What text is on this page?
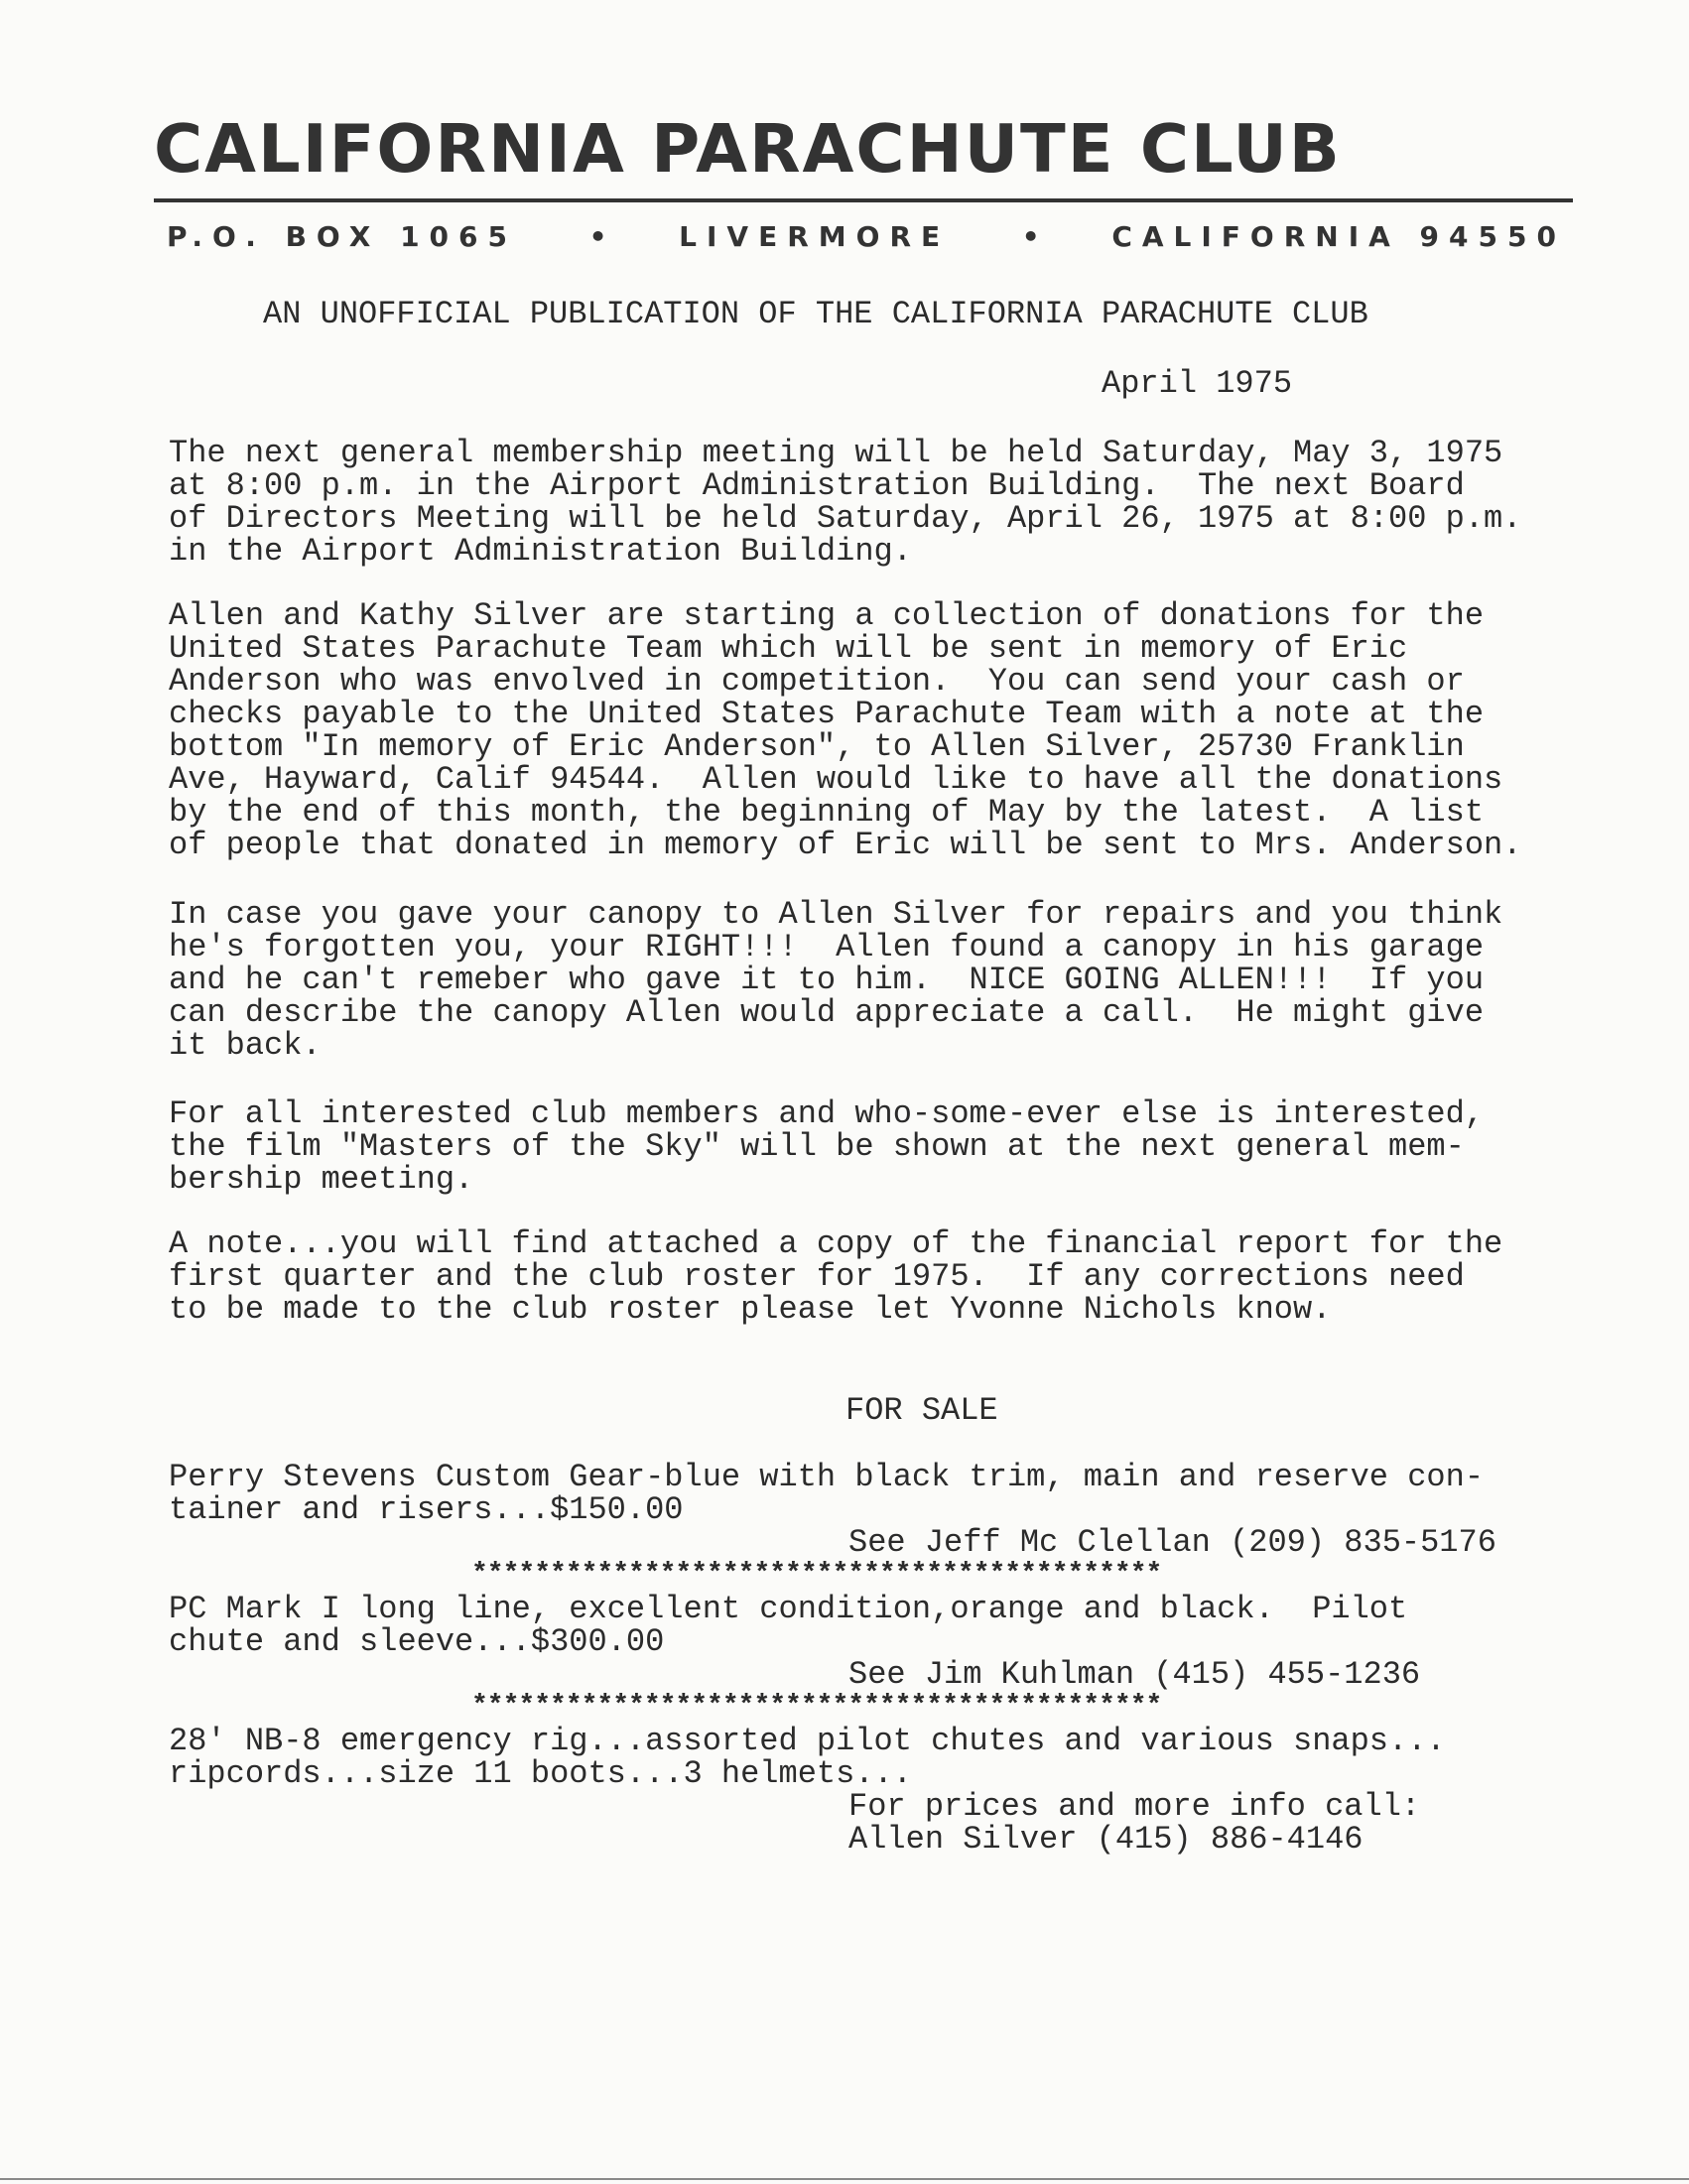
CALIFORNIA PARACHUTE CLUB
P.O. BOX 1065	•	LIVERMORE	•	CALIFORNIA 94550
AN UNOFFICIAL PUBLICATION OF THE CALIFORNIA PARACHUTE CLUB
April 1975

The next general membership meeting will be held Saturday, May 3, 1975
at 8:00 p.m. in the Airport Administration Building.  The next Board
of Directors Meeting will be held Saturday, April 26, 1975 at 8:00 p.m.
in the Airport Administration Building.

Allen and Kathy Silver are starting a collection of donations for the
United States Parachute Team which will be sent in memory of Eric
Anderson who was envolved in competition.  You can send your cash or
checks payable to the United States Parachute Team with a note at the
bottom "In memory of Eric Anderson", to Allen Silver, 25730 Franklin
Ave, Hayward, Calif 94544.  Allen would like to have all the donations
by the end of this month, the beginning of May by the latest.  A list
of people that donated in memory of Eric will be sent to Mrs. Anderson.

In case you gave your canopy to Allen Silver for repairs and you think
he's forgotten you, your RIGHT!!!  Allen found a canopy in his garage
and he can't remeber who gave it to him.  NICE GOING ALLEN!!!  If you
can describe the canopy Allen would appreciate a call.  He might give
it back.

For all interested club members and who-some-ever else is interested,
the film "Masters of the Sky" will be shown at the next general mem-
bership meeting.

A note...you will find attached a copy of the financial report for the
first quarter and the club roster for 1975.  If any corrections need
to be made to the club roster please let Yvonne Nichols know.

FOR SALE

Perry Stevens Custom Gear-blue with black trim, main and reserve con-
tainer and risers...$150.00

See Jeff Mc Clellan (209) 835-5176
********************************************

PC Mark I long line, excellent condition,orange and black.  Pilot
chute and sleeve...$300.00

See Jim Kuhlman (415) 455-1236
********************************************

28' NB-8 emergency rig...assorted pilot chutes and various snaps...
ripcords...size 11 boots...3 helmets...

For prices and more info call:
Allen Silver (415) 886-4146
